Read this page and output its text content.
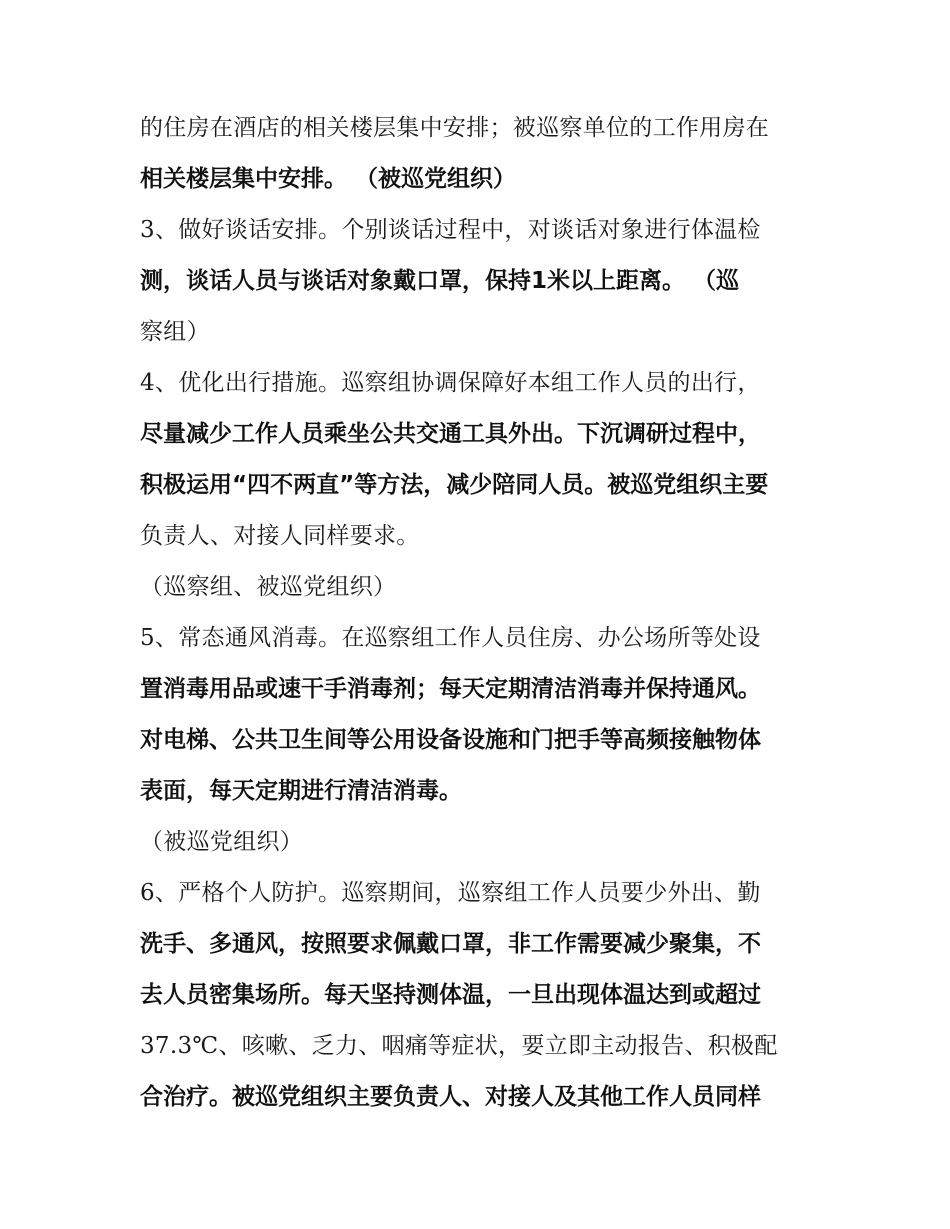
的住房在酒店的相关楼层集中安排；被巡察单位的工作用房在
相关楼层集中安排。 （被巡党组织）
3、做好谈话安排。个别谈话过程中，对谈话对象进行体温检
测，谈话人员与谈话对象戴口罩，保持1米以上距离。 （巡
察组）
4、优化出行措施。巡察组协调保障好本组工作人员的出行，
尽量减少工作人员乘坐公共交通工具外出。下沉调研过程中，
积极运用“四不两直”等方法，减少陪同人员。被巡党组织主要
负责人、对接人同样要求。
（巡察组、被巡党组织）
5、常态通风消毒。在巡察组工作人员住房、办公场所等处设
置消毒用品或速干手消毒剂；每天定期清洁消毒并保持通风。
对电梯、公共卫生间等公用设备设施和门把手等高频接触物体
表面，每天定期进行清洁消毒。
（被巡党组织）
6、严格个人防护。巡察期间，巡察组工作人员要少外出、勤
洗手、多通风，按照要求佩戴口罩，非工作需要减少聚集，不
去人员密集场所。每天坚持测体温，一旦出现体温达到或超过
37.3℃、咳嗽、乏力、咽痛等症状，要立即主动报告、积极配
合治疗。被巡党组织主要负责人、对接人及其他工作人员同样
